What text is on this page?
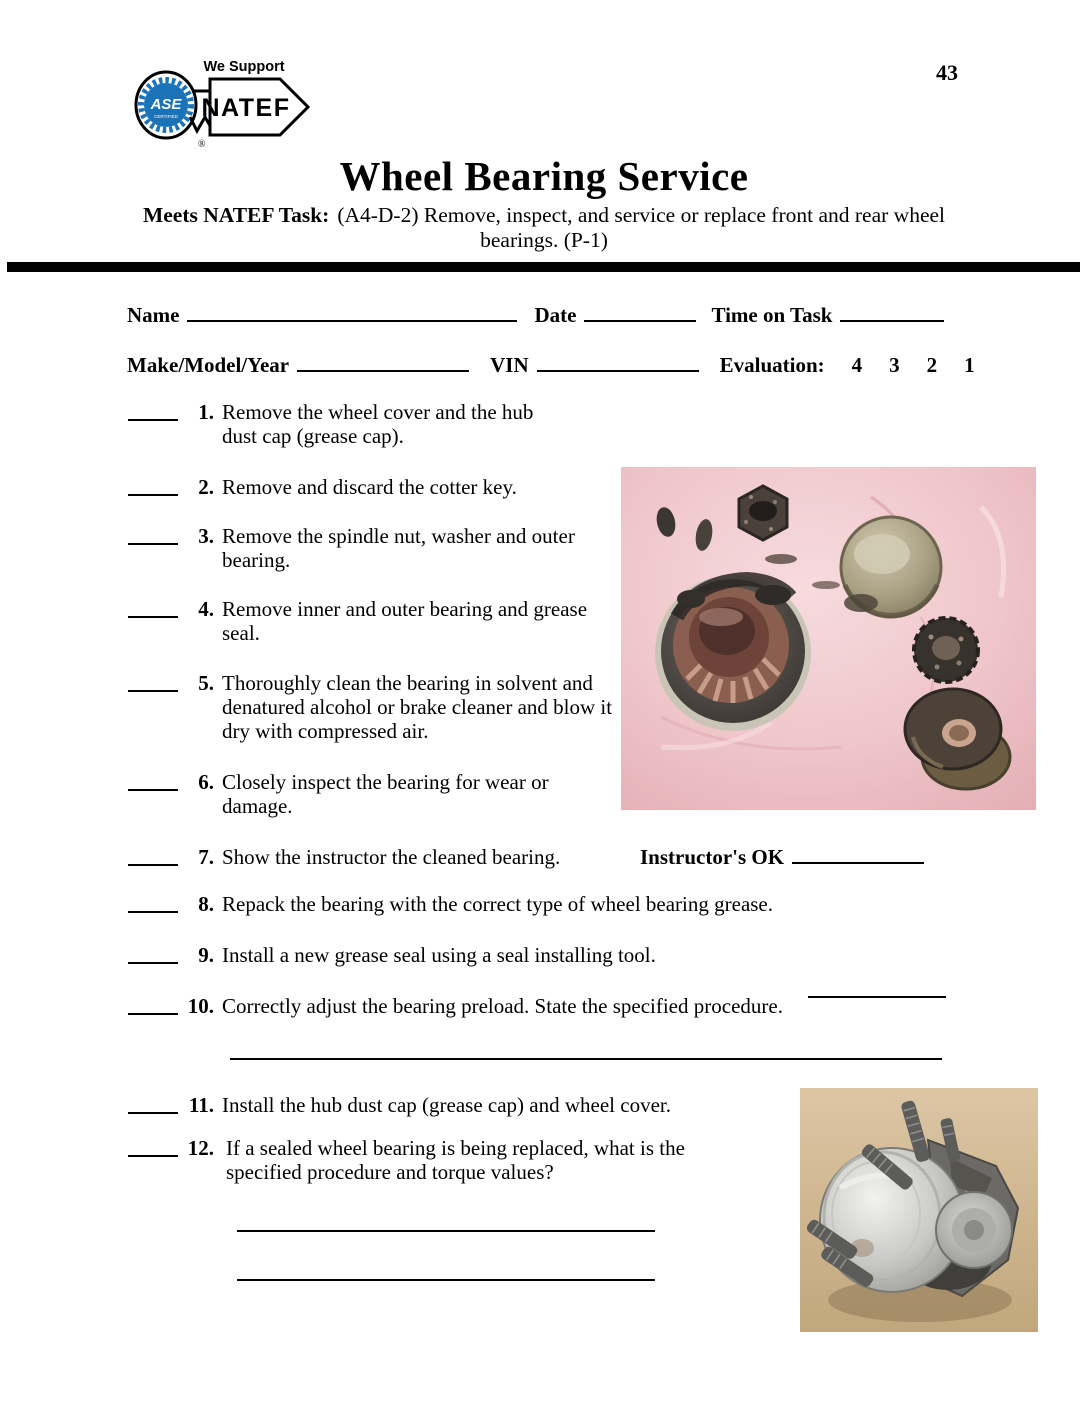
NATEF
We Support
ASE
CERTIFIED
®
43
Wheel Bearing Service
Meets NATEF Task: (A4-D-2) Remove, inspect, and service or replace front and rear wheel bearings. (P-1)
Name	Date	Time on Task
Make/Model/Year	VIN	Evaluation: 4 3 2 1
1. Remove the wheel cover and the hub dust cap (grease cap).
2. Remove and discard the cotter key.
3. Remove the spindle nut, washer and outer bearing.
4. Remove inner and outer bearing and grease seal.
5. Thoroughly clean the bearing in solvent and denatured alcohol or brake cleaner and blow it dry with compressed air.
6. Closely inspect the bearing for wear or damage.
7. Show the instructor the cleaned bearing.
8. Repack the bearing with the correct type of wheel bearing grease.
9. Install a new grease seal using a seal installing tool.
10. Correctly adjust the bearing preload. State the specified procedure.
11. Install the hub dust cap (grease cap) and wheel cover.
12. If a sealed wheel bearing is being replaced, what is the specified procedure and torque values?
Instructor's OK
